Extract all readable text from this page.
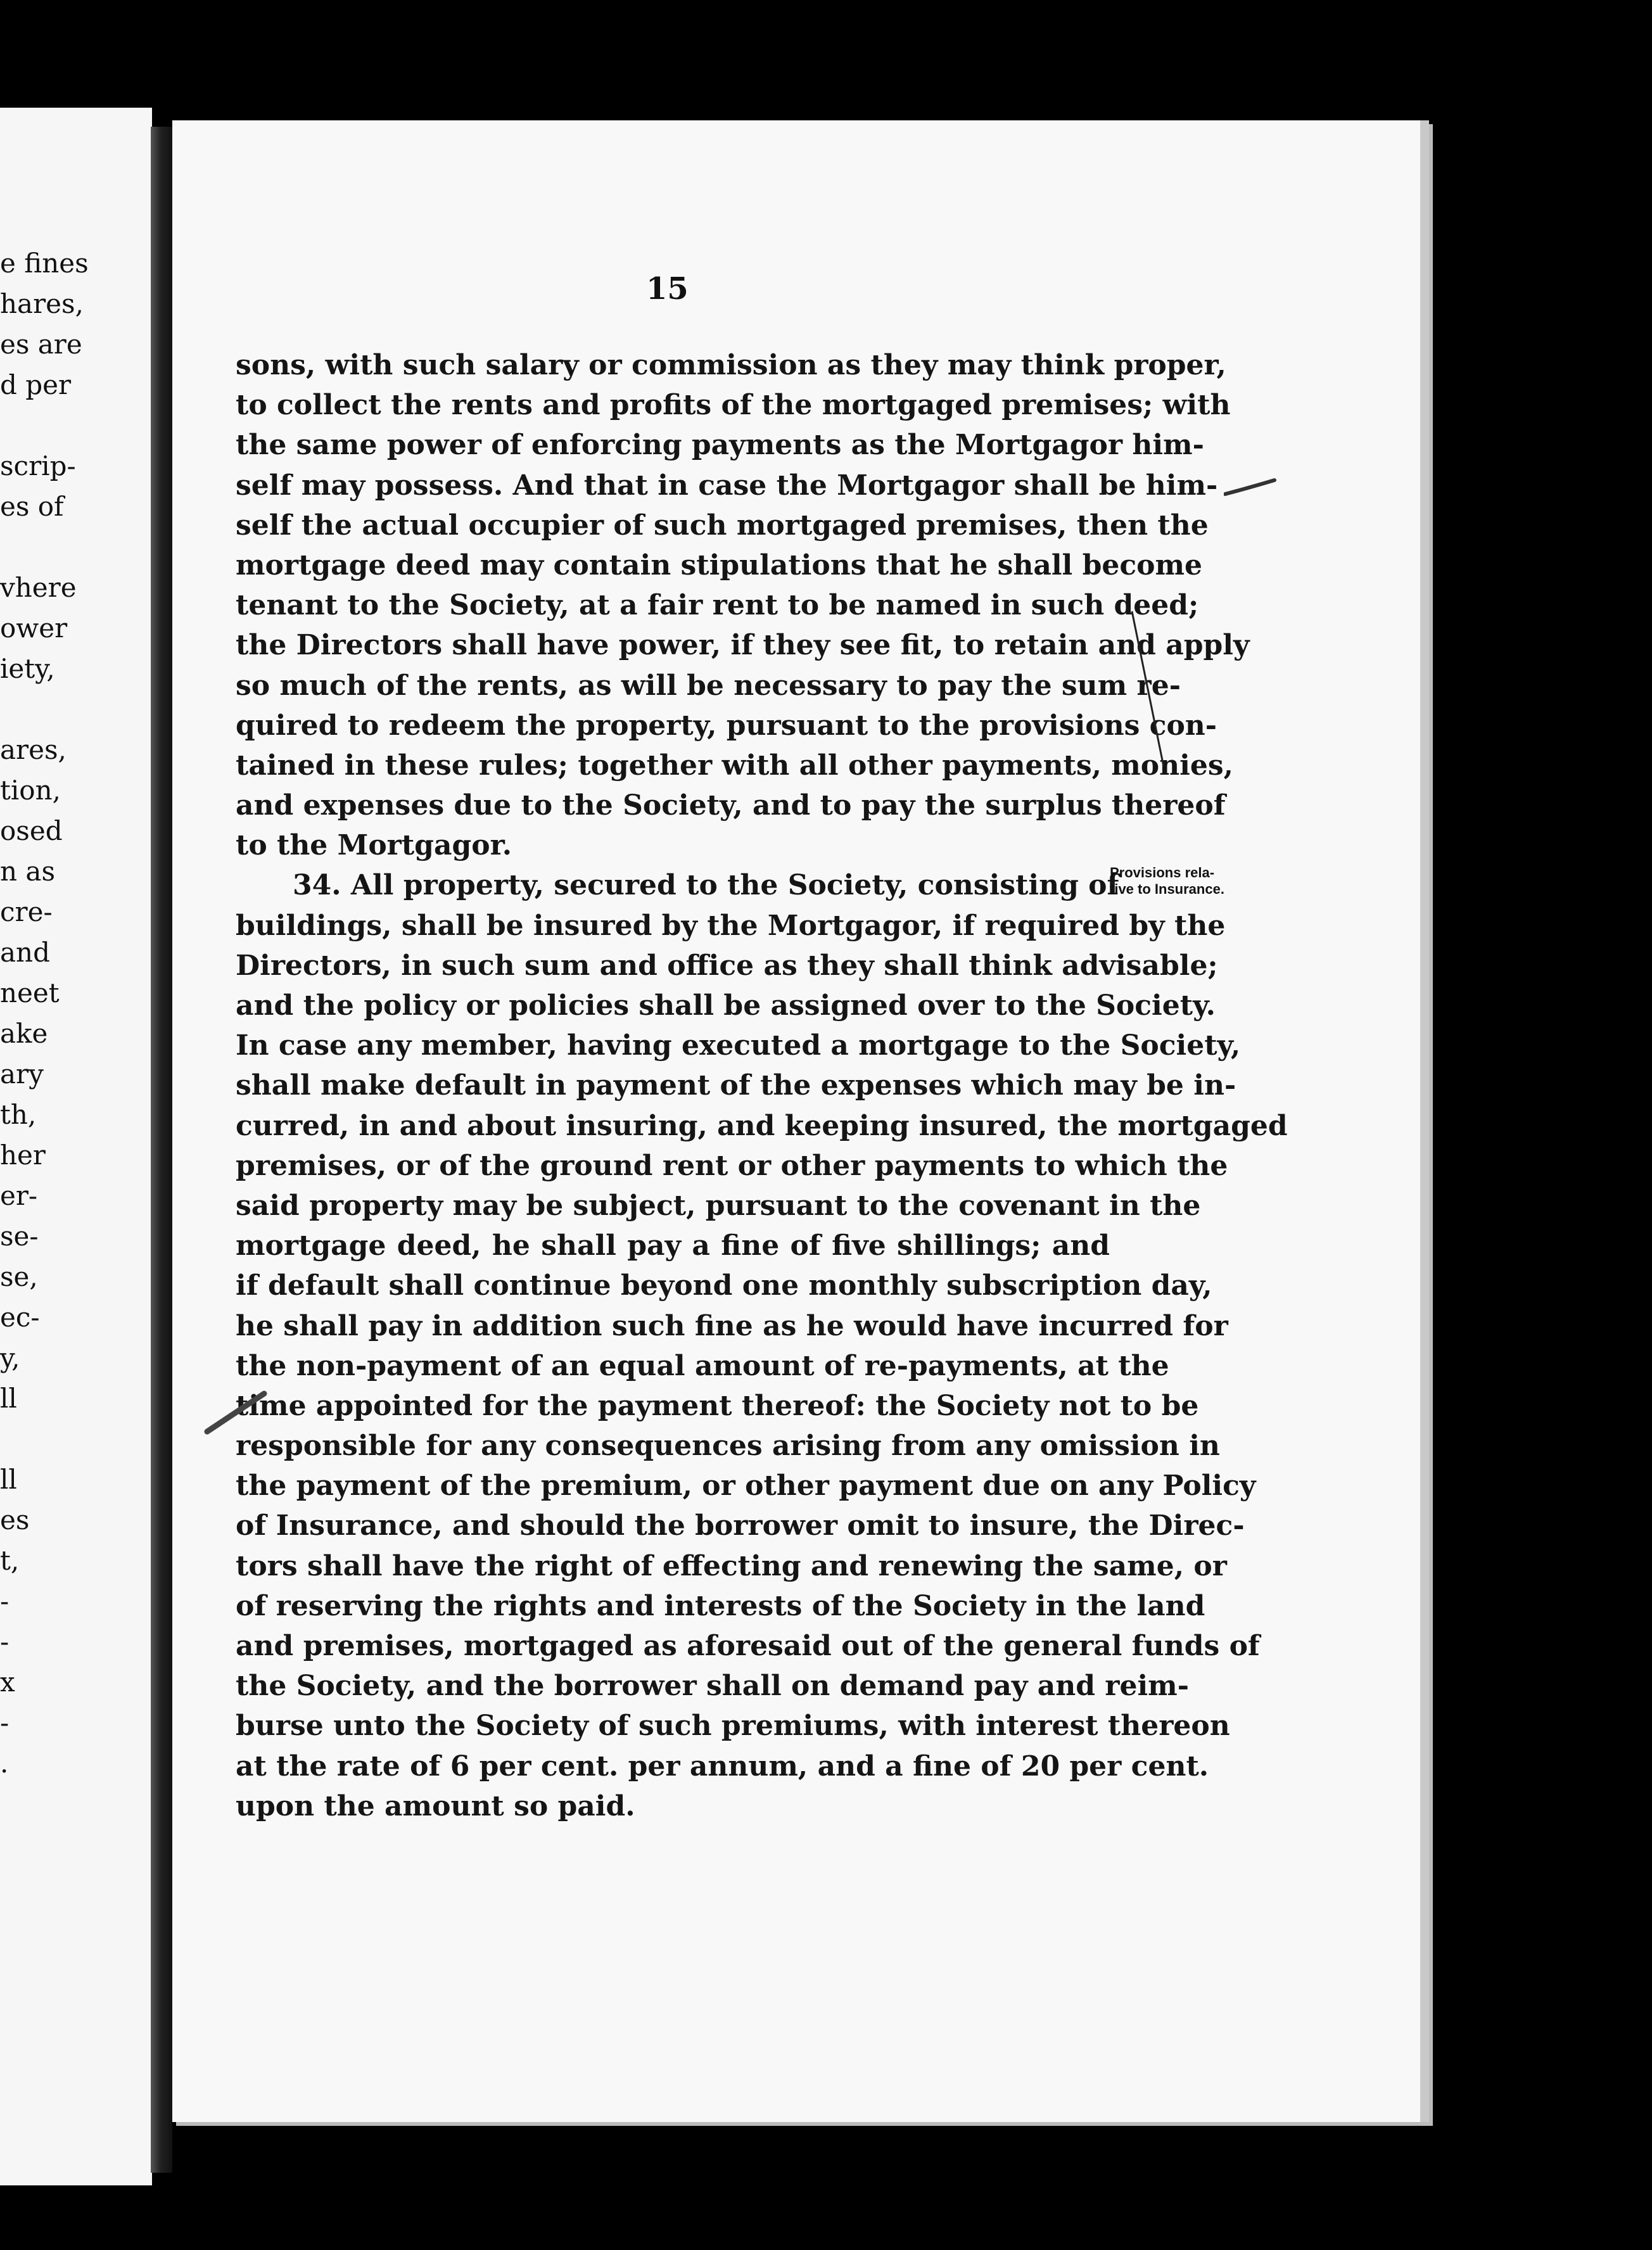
e fines
hares,
es are
d per
scrip-
es of
vhere
ower
iety,
ares,
tion,
osed
n as
cre-
and
neet
ake
ary
th,
her
er-
se-
se,
ec-
y,
ll
ll
es
t,
-
-
x
-
.
15
sons, with such salary or commission as they may think proper,
to collect the rents and profits of the mortgaged premises; with
the same power of enforcing payments as the Mortgagor him-
self may possess. And that in case the Mortgagor shall be him-
self the actual occupier of such mortgaged premises, then the
mortgage deed may contain stipulations that he shall become
tenant to the Society, at a fair rent to be named in such deed;
the Directors shall have power, if they see fit, to retain and apply
so much of the rents, as will be necessary to pay the sum re-
quired to redeem the property, pursuant to the provisions con-
tained in these rules; together with all other payments, monies,
and expenses due to the Society, and to pay the surplus thereof
to the Mortgagor.
34. All property, secured to the Society, consisting of
buildings, shall be insured by the Mortgagor, if required by the
Directors, in such sum and office as they shall think advisable;
and the policy or policies shall be assigned over to the Society.
In case any member, having executed a mortgage to the Society,
shall make default in payment of the expenses which may be in-
curred, in and about insuring, and keeping insured, the mortgaged
premises, or of the ground rent or other payments to which the
said property may be subject, pursuant to the covenant in the
mortgage deed, he shall pay a fine of five shillings; and
if default shall continue beyond one monthly subscription day,
he shall pay in addition such fine as he would have incurred for
the non-payment of an equal amount of re-payments, at the
time appointed for the payment thereof: the Society not to be
responsible for any consequences arising from any omission in
the payment of the premium, or other payment due on any Policy
of Insurance, and should the borrower omit to insure, the Direc-
tors shall have the right of effecting and renewing the same, or
of reserving the rights and interests of the Society in the land
and premises, mortgaged as aforesaid out of the general funds of
the Society, and the borrower shall on demand pay and reim-
burse unto the Society of such premiums, with interest thereon
at the rate of 6 per cent. per annum, and a fine of 20 per cent.
upon the amount so paid.
Provisions rela-
tive to Insurance.
